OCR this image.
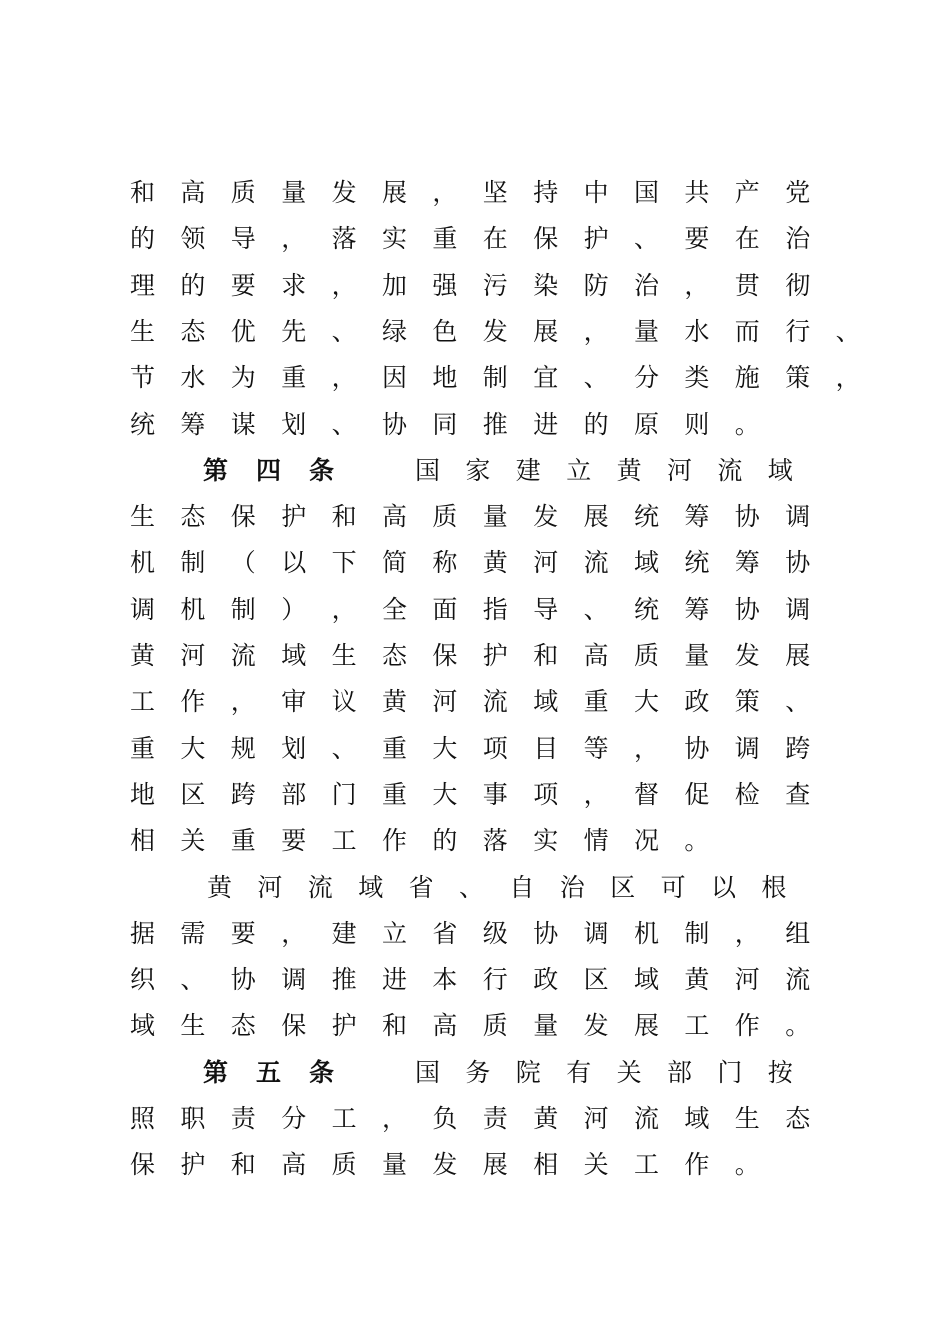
和 高 质 量 发 展 ， 坚 持 中 国 共 产 党
的 领 导 ， 落 实 重 在 保 护 、 要 在 治
理 的 要 求 ， 加 强 污 染 防 治 ， 贯 彻
生 态 优 先 、 绿 色 发 展 ， 量 水 而 行 、
节 水 为 重 ， 因 地 制 宜 、 分 类 施 策 ，
统 筹 谋 划 、 协 同 推 进 的 原 则 。
第 四 条	国 家 建 立 黄 河 流 域
生 态 保 护 和 高 质 量 发 展 统 筹 协 调
机 制 （ 以 下 简 称 黄 河 流 域 统 筹 协
调 机 制 ） ， 全 面 指 导 、 统 筹 协 调
黄 河 流 域 生 态 保 护 和 高 质 量 发 展
工 作 ， 审 议 黄 河 流 域 重 大 政 策 、
重 大 规 划 、 重 大 项 目 等 ， 协 调 跨
地 区 跨 部 门 重 大 事 项 ， 督 促 检 查
相 关 重 要 工 作 的 落 实 情 况 。
黄 河 流 域 省 、 自 治 区 可 以 根
据 需 要 ， 建 立 省 级 协 调 机 制 ， 组
织 、 协 调 推 进 本 行 政 区 域 黄 河 流
域 生 态 保 护 和 高 质 量 发 展 工 作 。
第 五 条	国 务 院 有 关 部 门 按
照 职 责 分 工 ， 负 责 黄 河 流 域 生 态
保 护 和 高 质 量 发 展 相 关 工 作 。
